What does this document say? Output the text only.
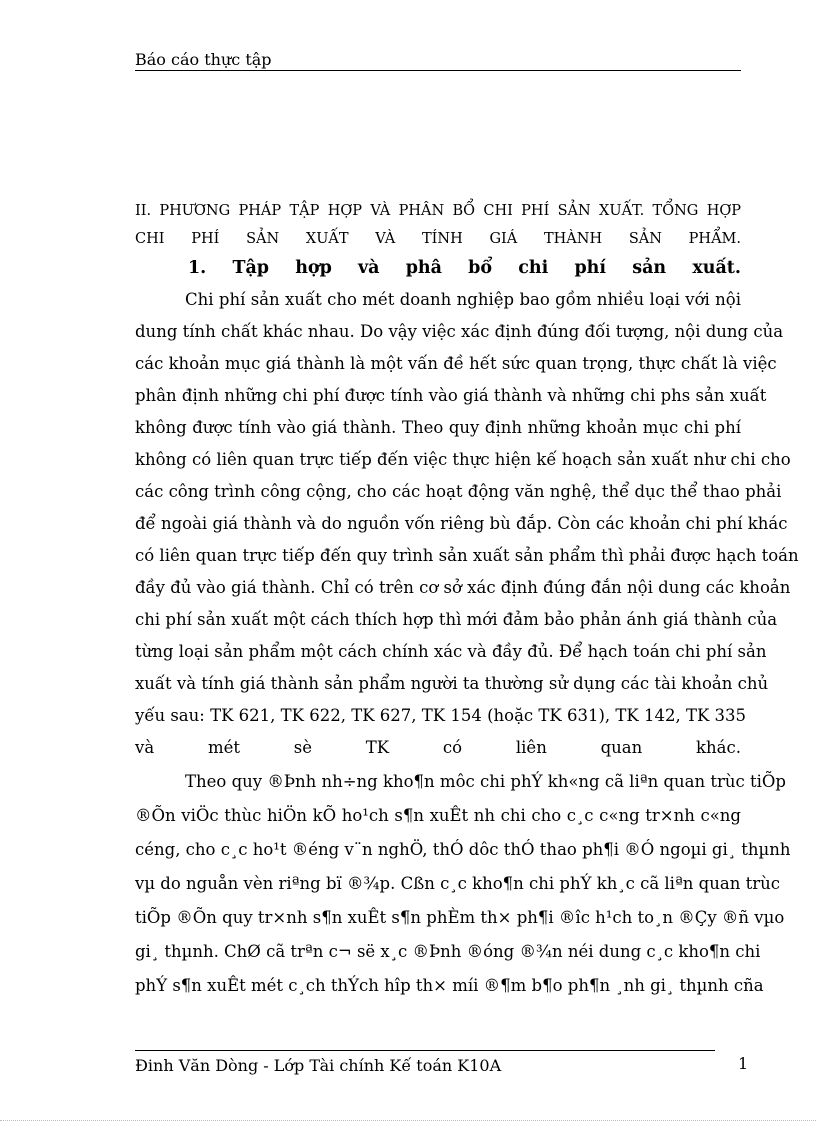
Báo cáo thực tập
II. PHƯƠNG PHÁP TẬP HỢP VÀ PHÂN BỔ CHI PHÍ SẢN XUẤT. TỔNG HỢP
CHI PHÍ SẢN XUẤT VÀ TÍNH GIÁ THÀNH SẢN PHẨM.
1. Tập hợp và phâ bổ chi phí sản xuất.
Chi phí sản xuất cho mét doanh nghiệp bao gồm nhiều loại với nội
dung tính chất khác nhau. Do vậy việc xác định đúng đối tượng, nội dung của
các khoản mục giá thành là một vấn đề hết sức quan trọng, thực chất là việc
phân định những chi phí được tính vào giá thành và những chi phs sản xuất
không được tính vào giá thành. Theo quy định những khoản mục chi phí
không có liên quan trực tiếp đến việc thực hiện kế hoạch sản xuất như chi cho
các công trình công cộng, cho các hoạt động văn nghệ, thể dục thể thao phải
để ngoài giá thành và do nguồn vốn riêng bù đắp. Còn các khoản chi phí khác
có liên quan trực tiếp đến quy trình sản xuất sản phẩm thì phải được hạch toán
đầy đủ vào giá thành. Chỉ có trên cơ sở xác định đúng đắn nội dung các khoản
chi phí sản xuất một cách thích hợp thì mới đảm bảo phản ánh giá thành của
từng loại sản phẩm một cách chính xác và đầy đủ. Để hạch toán chi phí sản
xuất và tính giá thành sản phẩm người ta thường sử dụng các tài khoản chủ
yếu sau: TK 621, TK 622, TK 627, TK 154 (hoặc TK 631), TK 142, TK 335
và mét sè TK có liên quan khác.
Theo quy ®Þnh nh÷ng kho¶n môc chi phÝ kh«ng cã liªn quan trùc tiÕp
®Õn viÖc thùc hiÖn kÕ ho¹ch s¶n xuÊt nh chi cho c¸c c«ng tr×nh c«ng
céng, cho c¸c ho¹t ®éng v¨n nghÖ, thÓ dôc thÓ thao ph¶i ®Ó ngoµi gi¸ thµnh
vµ do nguån vèn riªng bï ®¾p. Cßn c¸c kho¶n chi phÝ kh¸c cã liªn quan trùc
tiÕp ®Õn quy tr×nh s¶n xuÊt s¶n phÈm th× ph¶i ®îc h¹ch to¸n ®Çy ®ñ vµo
gi¸ thµnh. ChØ cã trªn c¬ së x¸c ®Þnh ®óng ®¾n néi dung c¸c kho¶n chi
phÝ s¶n xuÊt mét c¸ch thÝch hîp th× míi ®¶m b¶o ph¶n ¸nh gi¸ thµnh cña
Đinh Văn Dòng - Lớp Tài chính Kế toán K10A	1
